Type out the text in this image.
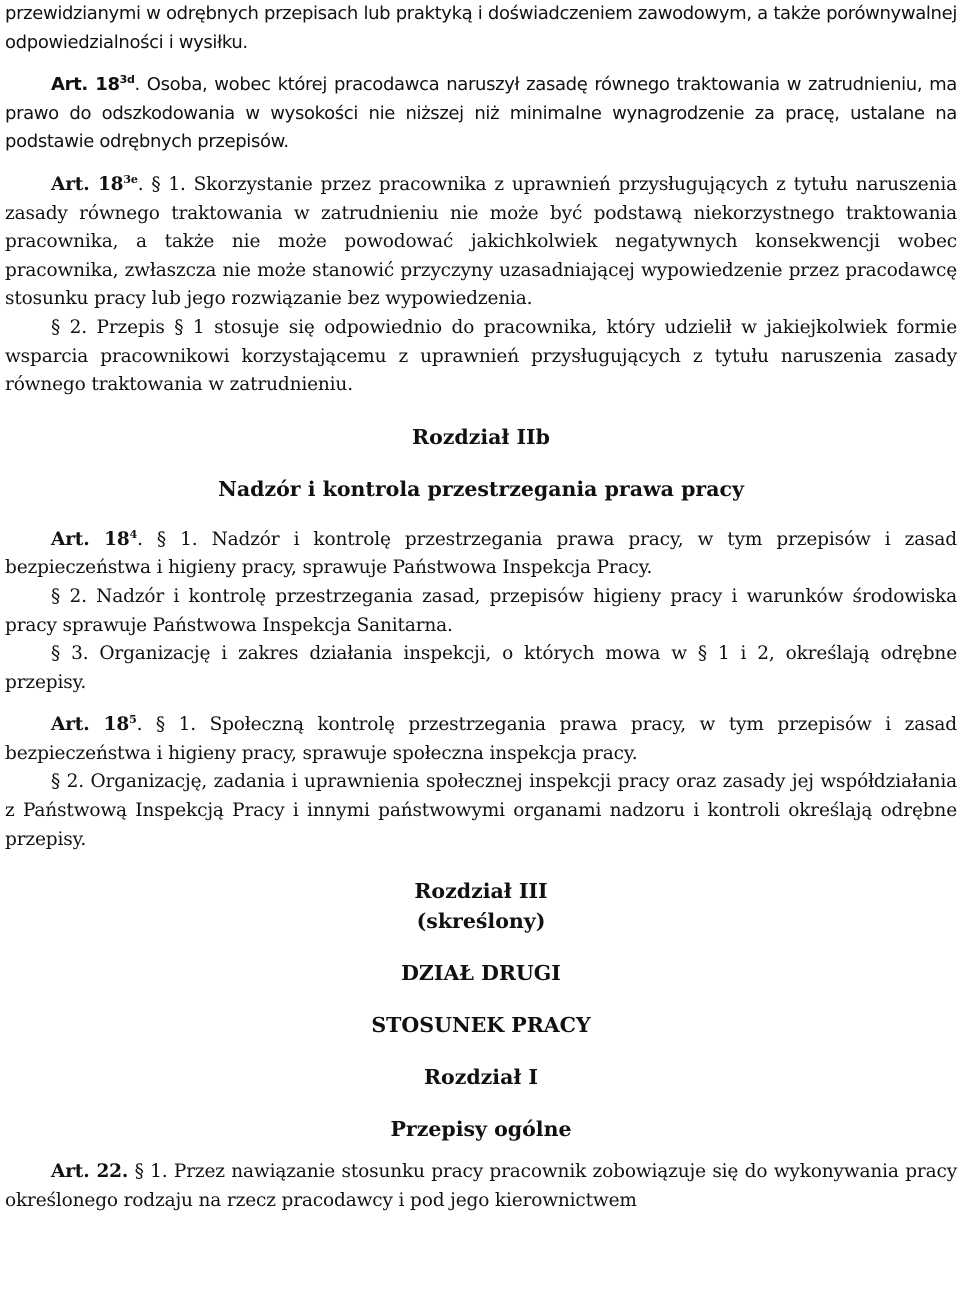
przewidzianymi w odrębnych przepisach lub praktyką i doświadczeniem zawodowym, a także porównywalnej odpowiedzialności i wysiłku.

Art. $18^{3d}$. Osoba, wobec której pracodawca naruszył zasadę równego traktowania w zatrudnieniu, ma prawo do odszkodowania w wysokości nie niższej niż minimalne wynagrodzenie za pracę, ustalane na podstawie odrębnych przepisów.

Art. $18^{3e}$. § 1. Skorzystanie przez pracownika z uprawnień przysługujących z tytułu naruszenia zasady równego traktowania w zatrudnieniu nie może być podstawą niekorzystnego traktowania pracownika, a także nie może powodować jakichkolwiek negatywnych konsekwencji wobec pracownika, zwłaszcza nie może stanowić przyczyny uzasadniającej wypowiedzenie przez pracodawcę stosunku pracy lub jego rozwiązanie bez wypowiedzenia.

§ 2. Przepis § 1 stosuje się odpowiednio do pracownika, który udzielił w jakiejkolwiek formie wsparcia pracownikowi korzystającemu z uprawnień przysługujących z tytułu naruszenia zasady równego traktowania w zatrudnieniu.

Rozdział IIb
Nadzór i kontrola przestrzegania prawa pracy

Art. $18^4$. § 1. Nadzór i kontrolę przestrzegania prawa pracy, w tym przepisów i zasad bezpieczeństwa i higieny pracy, sprawuje Państwowa Inspekcja Pracy.

§ 2. Nadzór i kontrolę przestrzegania zasad, przepisów higieny pracy i warunków środowiska pracy sprawuje Państwowa Inspekcja Sanitarna.

§ 3. Organizację i zakres działania inspekcji, o których mowa w § 1 i 2, określają odrębne przepisy.

Art. $18^5$. § 1. Społeczną kontrolę przestrzegania prawa pracy, w tym przepisów i zasad bezpieczeństwa i higieny pracy, sprawuje społeczna inspekcja pracy.

§ 2. Organizację, zadania i uprawnienia społecznej inspekcji pracy oraz zasady jej współdziałania z Państwową Inspekcją Pracy i innymi państwowymi organami nadzoru i kontroli określają odrębne przepisy.

Rozdział III
(skreślony)
DZIAŁ DRUGI
STOSUNEK PRACY
Rozdział I
Przepisy ogólne

Art. 22. § 1. Przez nawiązanie stosunku pracy pracownik zobowiązuje się do wykonywania pracy określonego rodzaju na rzecz pracodawcy i pod jego kierownictwem
